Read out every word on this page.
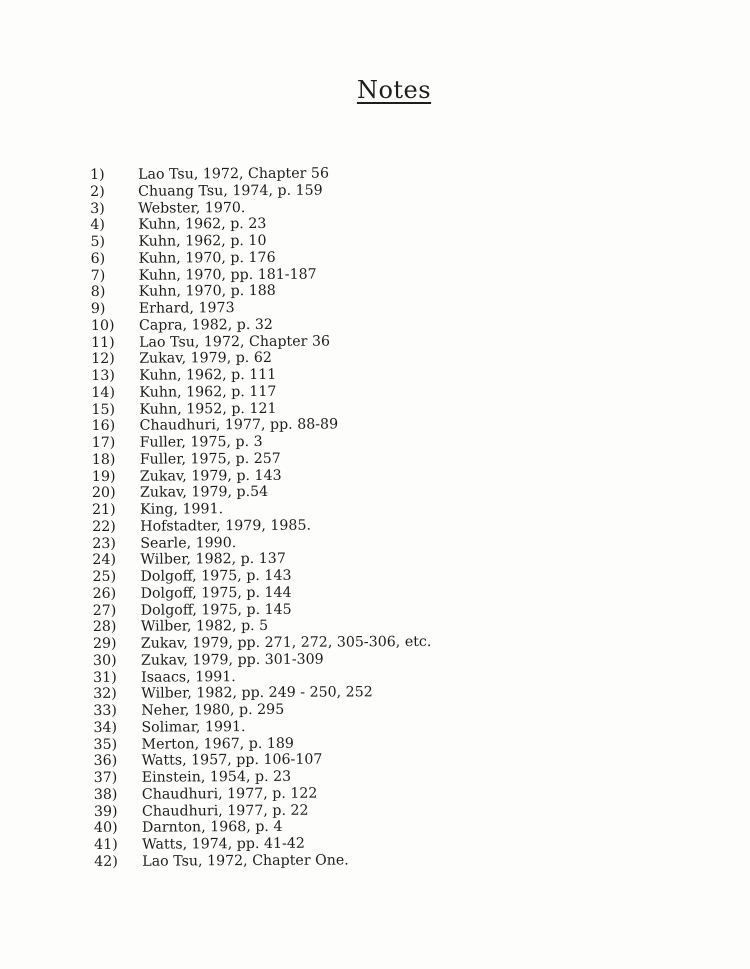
Notes
1)	Lao Tsu, 1972, Chapter 56
2)	Chuang Tsu, 1974, p. 159
3)	Webster, 1970.
4)	Kuhn, 1962, p. 23
5)	Kuhn, 1962, p. 10
6)	Kuhn, 1970, p. 176
7)	Kuhn, 1970, pp. 181-187
8)	Kuhn, 1970, p. 188
9)	Erhard, 1973
10)	Capra, 1982, p. 32
11)	Lao Tsu, 1972, Chapter 36
12)	Zukav, 1979, p. 62
13)	Kuhn, 1962, p. 111
14)	Kuhn, 1962, p. 117
15)	Kuhn, 1952, p. 121
16)	Chaudhuri, 1977, pp. 88-89
17)	Fuller, 1975, p. 3
18)	Fuller, 1975, p. 257
19)	Zukav, 1979, p. 143
20)	Zukav, 1979, p.54
21)	King, 1991.
22)	Hofstadter, 1979, 1985.
23)	Searle, 1990.
24)	Wilber, 1982, p. 137
25)	Dolgoff, 1975, p. 143
26)	Dolgoff, 1975, p. 144
27)	Dolgoff, 1975, p. 145
28)	Wilber, 1982, p. 5
29)	Zukav, 1979, pp. 271, 272, 305-306, etc.
30)	Zukav, 1979, pp. 301-309
31)	Isaacs, 1991.
32)	Wilber, 1982, pp. 249 - 250, 252
33)	Neher, 1980, p. 295
34)	Solimar, 1991.
35)	Merton, 1967, p. 189
36)	Watts, 1957, pp. 106-107
37)	Einstein, 1954, p. 23
38)	Chaudhuri, 1977, p. 122
39)	Chaudhuri, 1977, p. 22
40)	Darnton, 1968, p. 4
41)	Watts, 1974, pp. 41-42
42)	Lao Tsu, 1972, Chapter One.
